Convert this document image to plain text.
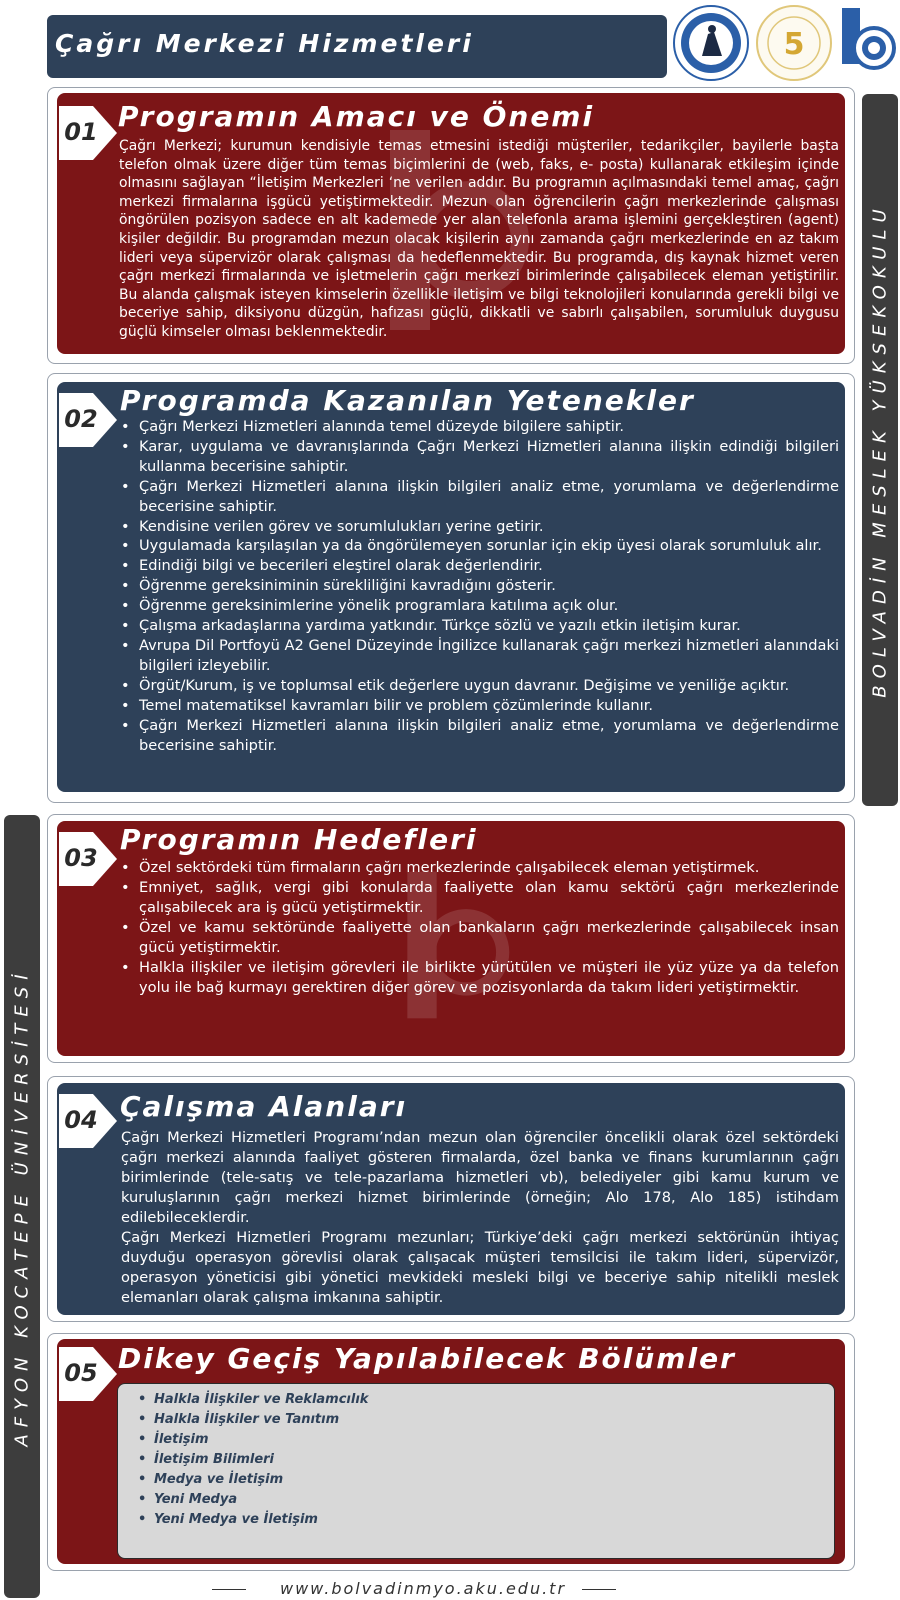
Çağrı Merkezi Hizmetleri	5
BOLVADİN MESLEK YÜKSEKOKULU
AFYON KOCATEPE ÜNİVERSİTESİ
01 Programın Amacı ve Önemi
Çağrı Merkezi; kurumun kendisiyle temas etmesini istediği müşteriler, tedarikçiler, bayilerle başta telefon olmak üzere diğer tüm temas biçimlerini de (web, faks, e- posta) kullanarak etkileşim içinde olmasını sağlayan “İletişim Merkezleri ‘ne verilen addır. Bu programın açılmasındaki temel amaç, çağrı merkezi firmalarına işgücü yetiştirmektedir. Mezun olan öğrencilerin çağrı merkezlerinde çalışması öngörülen pozisyon sadece en alt kademede yer alan telefonla arama işlemini gerçekleştiren (agent) kişiler değildir. Bu programdan mezun olacak kişilerin aynı zamanda çağrı merkezlerinde en az takım lideri veya süpervizör olarak çalışması da hedeflenmektedir. Bu programda, dış kaynak hizmet veren çağrı merkezi firmalarında ve işletmelerin çağrı merkezi birimlerinde çalışabilecek eleman yetiştirilir. Bu alanda çalışmak isteyen kimselerin özellikle iletişim ve bilgi teknolojileri konularında gerekli bilgi ve beceriye sahip, diksiyonu düzgün, hafızası güçlü, dikkatli ve sabırlı çalışabilen, sorumluluk duygusu güçlü kimseler olması beklenmektedir.
02
Programda Kazanılan Yetenekler
• Çağrı Merkezi Hizmetleri alanında temel düzeyde bilgilere sahiptir.
• Karar, uygulama ve davranışlarında Çağrı Merkezi Hizmetleri alanına ilişkin edindiği bilgileri kullanma becerisine sahiptir.
• Çağrı Merkezi Hizmetleri alanına ilişkin bilgileri analiz etme, yorumlama ve değerlendirme becerisine sahiptir.
• Kendisine verilen görev ve sorumlulukları yerine getirir.
• Uygulamada karşılaşılan ya da öngörülemeyen sorunlar için ekip üyesi olarak sorumluluk alır.
• Edindiği bilgi ve becerileri eleştirel olarak değerlendirir.
• Öğrenme gereksiniminin sürekliliğini kavradığını gösterir.
• Öğrenme gereksinimlerine yönelik programlara katılıma açık olur.
• Çalışma arkadaşlarına yardıma yatkındır. Türkçe sözlü ve yazılı etkin iletişim kurar.
• Avrupa Dil Portfoyü A2 Genel Düzeyinde İngilizce kullanarak çağrı merkezi hizmetleri alanındaki bilgileri izleyebilir.
• Örgüt/Kurum, iş ve toplumsal etik değerlere uygun davranır. Değişime ve yeniliğe açıktır.
• Temel matematiksel kavramları bilir ve problem çözümlerinde kullanır.
• Çağrı Merkezi Hizmetleri alanına ilişkin bilgileri analiz etme, yorumlama ve değerlendirme becerisine sahiptir.
03
Programın Hedefleri
• Özel sektördeki tüm firmaların çağrı merkezlerinde çalışabilecek eleman yetiştirmek.
• Emniyet, sağlık, vergi gibi konularda faaliyette olan kamu sektörü çağrı merkezlerinde çalışabilecek ara iş gücü yetiştirmektir.
• Özel ve kamu sektöründe faaliyette olan bankaların çağrı merkezlerinde çalışabilecek insan gücü yetiştirmektir.
• Halkla ilişkiler ve iletişim görevleri ile birlikte yürütülen ve müşteri ile yüz yüze ya da telefon yolu ile bağ kurmayı gerektiren diğer görev ve pozisyonlarda da takım lideri yetiştirmektir.
04 Çalışma Alanları
Çağrı Merkezi Hizmetleri Programı’ndan mezun olan öğrenciler öncelikli olarak özel sektördeki çağrı merkezi alanında faaliyet gösteren firmalarda, özel banka ve finans kurumlarının çağrı birimlerinde (tele-satış ve tele-pazarlama hizmetleri vb), belediyeler gibi kamu kurum ve kuruluşlarının çağrı merkezi hizmet birimlerinde (örneğin; Alo 178, Alo 185) istihdam edilebileceklerdir.
Çağrı Merkezi Hizmetleri Programı mezunları; Türkiye’deki çağrı merkezi sektörünün ihtiyaç duyduğu operasyon görevlisi olarak çalışacak müşteri temsilcisi ile takım lideri, süpervizör, operasyon yöneticisi gibi yönetici mevkideki mesleki bilgi ve beceriye sahip nitelikli meslek elemanları olarak çalışma imkanına sahiptir.
05 Dikey Geçiş Yapılabilecek Bölümler
• Halkla İlişkiler ve Reklamcılık
• Halkla İlişkiler ve Tanıtım
• İletişim
• İletişim Bilimleri
• Medya ve İletişim
• Yeni Medya
• Yeni Medya ve İletişim
www.bolvadinmyo.aku.edu.tr
